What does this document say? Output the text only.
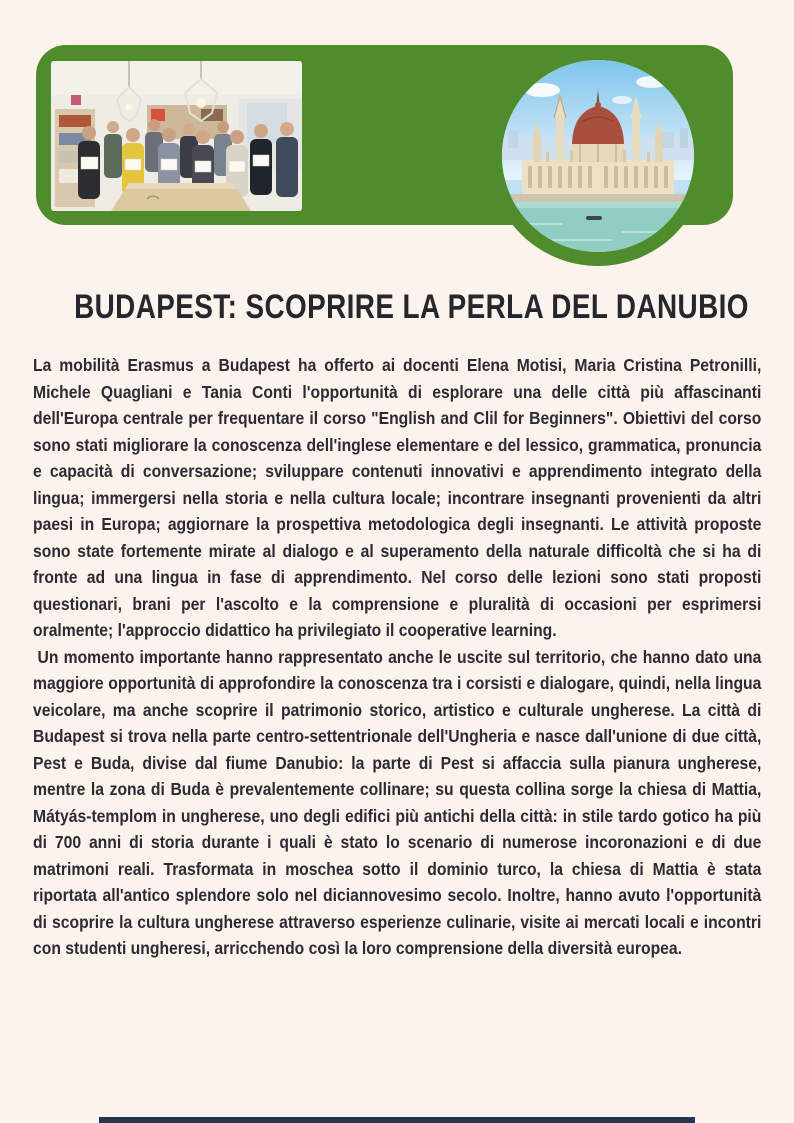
BUDAPEST: SCOPRIRE LA PERLA DEL DANUBIO

La mobilità Erasmus a Budapest ha offerto ai docenti Elena Motisi, Maria Cristina Petronilli, Michele Quagliani e Tania Conti l'opportunità di esplorare una delle città più affascinanti dell'Europa centrale per frequentare il corso "English and Clil for Beginners". Obiettivi del corso sono stati migliorare la conoscenza dell'inglese elementare e del lessico, grammatica, pronuncia e capacità di conversazione; sviluppare contenuti innovativi e apprendimento integrato della lingua; immergersi nella storia e nella cultura locale; incontrare insegnanti provenienti da altri paesi in Europa; aggiornare la prospettiva metodologica degli insegnanti. Le attività proposte sono state fortemente mirate al dialogo e al superamento della naturale difficoltà che si ha di fronte ad una lingua in fase di apprendimento. Nel corso delle lezioni sono stati proposti questionari, brani per l'ascolto e la comprensione e pluralità di occasioni per esprimersi oralmente; l'approccio didattico ha privilegiato il cooperative learning.

Un momento importante hanno rappresentato anche le uscite sul territorio, che hanno dato una maggiore opportunità di approfondire la conoscenza tra i corsisti e dialogare, quindi, nella lingua veicolare, ma anche scoprire il patrimonio storico, artistico e culturale ungherese. La città di Budapest si trova nella parte centro-settentrionale dell'Ungheria e nasce dall'unione di due città, Pest e Buda, divise dal fiume Danubio: la parte di Pest si affaccia sulla pianura ungherese, mentre la zona di Buda è prevalentemente collinare; su questa collina sorge la chiesa di Mattia, Mátyás-templom in ungherese, uno degli edifici più antichi della città: in stile tardo gotico ha più di 700 anni di storia durante i quali è stato lo scenario di numerose incoronazioni e di due matrimoni reali. Trasformata in moschea sotto il dominio turco, la chiesa di Mattia è stata riportata all'antico splendore solo nel diciannovesimo secolo. Inoltre, hanno avuto l'opportunità di scoprire la cultura ungherese attraverso esperienze culinarie, visite ai mercati locali e incontri con studenti ungheresi, arricchendo così la loro comprensione della diversità europea.
